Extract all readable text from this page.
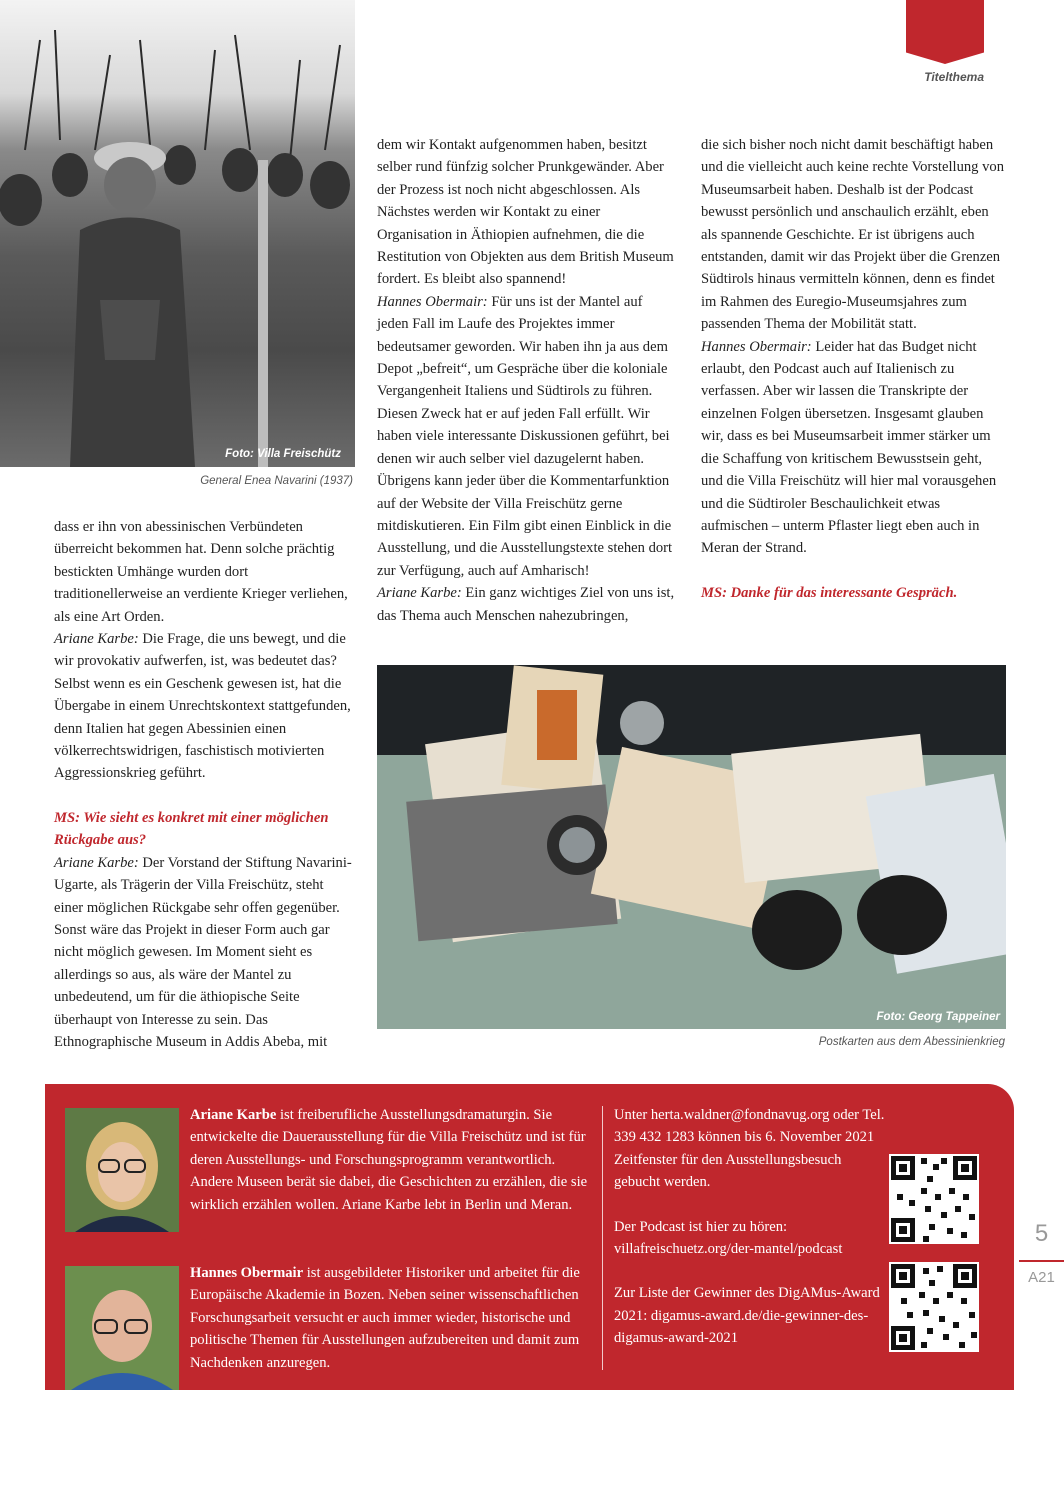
Titelthema
Foto: Villa Freischütz
General Enea Navarini (1937)

dass er ihn von abessinischen Verbündeten überreicht bekommen hat. Denn solche prächtig bestickten Umhänge wurden dort traditionellerweise an verdiente Krieger verliehen, als eine Art Orden.

Ariane Karbe: Die Frage, die uns bewegt, und die wir provokativ aufwerfen, ist, was bedeutet das? Selbst wenn es ein Geschenk gewesen ist, hat die Übergabe in einem Unrechtskontext stattgefunden, denn Italien hat gegen Abessinien einen völkerrechtswidrigen, faschistisch motivierten Aggressionskrieg geführt.

MS: Wie sieht es konkret mit einer möglichen Rückgabe aus?

Ariane Karbe: Der Vorstand der Stiftung Navarini-Ugarte, als Trägerin der Villa Freischütz, steht einer möglichen Rückgabe sehr offen gegenüber. Sonst wäre das Projekt in dieser Form auch gar nicht möglich gewesen. Im Moment sieht es allerdings so aus, als wäre der Mantel zu unbedeutend, um für die äthiopische Seite überhaupt von Interesse zu sein. Das Ethnographische Museum in Addis Abeba, mit

dem wir Kontakt aufgenommen haben, besitzt selber rund fünfzig solcher Prunkgewänder. Aber der Prozess ist noch nicht abgeschlossen. Als Nächstes werden wir Kontakt zu einer Organisation in Äthiopien aufnehmen, die die Restitution von Objekten aus dem British Museum fordert. Es bleibt also spannend!

Hannes Obermair: Für uns ist der Mantel auf jeden Fall im Laufe des Projektes immer bedeutsamer geworden. Wir haben ihn ja aus dem Depot „befreit“, um Gespräche über die koloniale Vergangenheit Italiens und Südtirols zu führen. Diesen Zweck hat er auf jeden Fall erfüllt. Wir haben viele interessante Diskussionen geführt, bei denen wir auch selber viel dazugelernt haben. Übrigens kann jeder über die Kommentarfunktion auf der Website der Villa Freischütz gerne mitdiskutieren. Ein Film gibt einen Einblick in die Ausstellung, und die Ausstellungstexte stehen dort zur Verfügung, auch auf Amharisch!

Ariane Karbe: Ein ganz wichtiges Ziel von uns ist, das Thema auch Menschen nahezubringen,

die sich bisher noch nicht damit beschäftigt haben und die vielleicht auch keine rechte Vorstellung von Museumsarbeit haben. Deshalb ist der Podcast bewusst persönlich und anschaulich erzählt, eben als spannende Geschichte. Er ist übrigens auch entstanden, damit wir das Projekt über die Grenzen Südtirols hinaus vermitteln können, denn es findet im Rahmen des Euregio-Museumsjahres zum passenden Thema der Mobilität statt.

Hannes Obermair: Leider hat das Budget nicht erlaubt, den Podcast auch auf Italienisch zu verfassen. Aber wir lassen die Transkripte der einzelnen Folgen übersetzen. Insgesamt glauben wir, dass es bei Museumsarbeit immer stärker um die Schaffung von kritischem Bewusstsein geht, und die Villa Freischütz will hier mal vorausgehen und die Südtiroler Beschaulichkeit etwas aufmischen – unterm Pflaster liegt eben auch in Meran der Strand.

MS: Danke für das interessante Gespräch.

Foto: Georg Tappeiner
Postkarten aus dem Abessinienkrieg
Ariane Karbe ist freiberufliche Ausstellungsdramaturgin. Sie entwickelte die Dauerausstellung für die Villa Freischütz und ist für deren Ausstellungs- und Forschungsprogramm verantwortlich. Andere Museen berät sie dabei, die Geschichten zu erzählen, die sie wirklich erzählen wollen. Ariane Karbe lebt in Berlin und Meran.
Hannes Obermair ist ausgebildeter Historiker und arbeitet für die Europäische Akademie in Bozen. Neben seiner wissenschaftlichen Forschungsarbeit versucht er auch immer wieder, historische und politische Themen für Ausstellungen aufzubereiten und damit zum Nachdenken anzuregen.

Unter herta.waldner@fondnavug.org oder Tel. 339 432 1283 können bis 6. November 2021 Zeitfenster für den Ausstellungsbesuch gebucht werden.

Der Podcast ist hier zu hören: villafreischuetz.org/der-mantel/podcast

Zur Liste der Gewinner des DigAMus-Award 2021: digamus-award.de/die-gewinner-des-digamus-award-2021

5
A21
